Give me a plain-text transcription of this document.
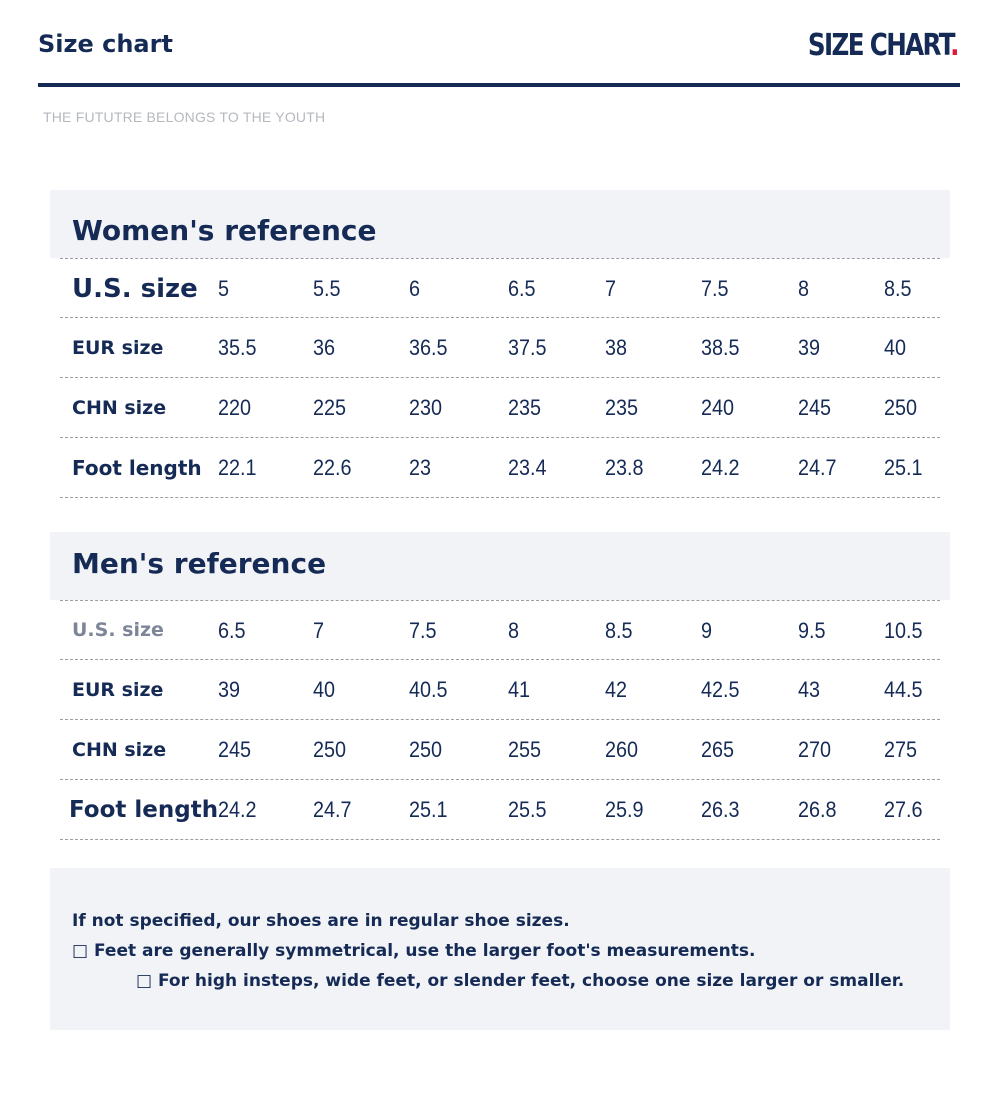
Size chart	SIZE CHART.
THE FUTUTRE BELONGS TO THE YOUTH
Women's reference
U.S. size 5	5.5	6	6.5	7	7.5	8	8.5
EUR size 35.5	36	36.5	37.5	38	38.5	39	40
CHN size 220	225	230	235	235	240	245 250
Foot length 22.1	22.6	23	23.4	23.8	24.2	24.7 25.1
Men's reference
U.S. size 6.5	7	7.5	8	8.5	9	9.5	10.5
EUR size 39	40	40.5	41	42	42.5	43	44.5
CHN size 245	250	250	255	260	265	270 275
Foot length 24.2	24.7	25.1	25.5	25.9	26.3	26.8 27.6
If not specified, our shoes are in regular shoe sizes.
□ Feet are generally symmetrical, use the larger foot's measurements.
□ For high insteps, wide feet, or slender feet, choose one size larger or smaller.
